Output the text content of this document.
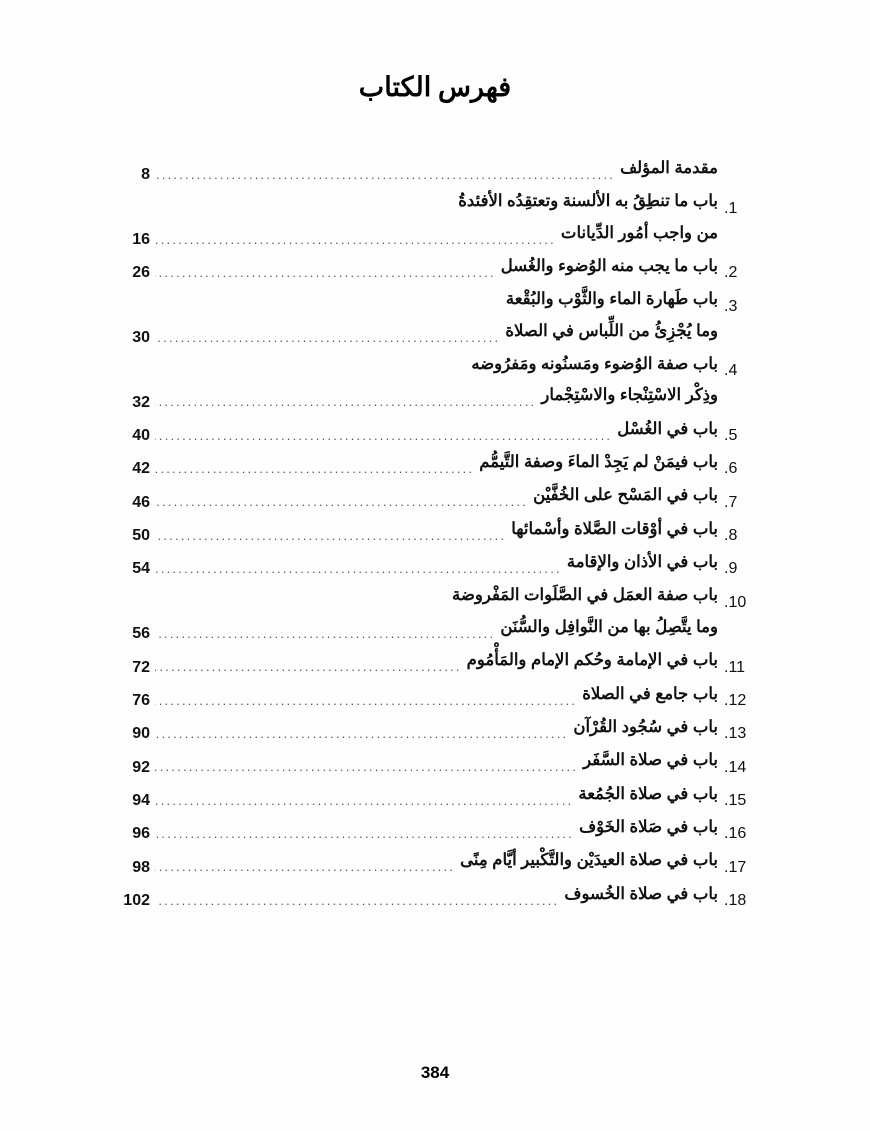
فهرس الكتاب
مقدمة المؤلف
.....
8
1.
باب ما تنطِقُ به الألسنة وتعتقِدُه الأفئدةُ
من واجب أمُور الدِّيانات
.....
16
2.
باب ما يجب منه الوُضوء والغُسل
.....
26
3.
باب طَهارة الماء والثَّوْب والبُقْعة
وما يُجْزِئُ من اللِّباس في الصلاة
.....
30
4.
باب صفة الوُضوء ومَسنُونه ومَفرُوضه
وذِكْر الاسْتِنْجاء والاسْتِجْمار
.....
32
5.
باب في الغُسْل
.....
40
6.
باب فيمَنْ لم يَجِدْ الماءَ وصفة التَّيمُّم
.....
42
7.
باب في المَسْح على الخُفَّيْن
.....
46
8.
باب في أوْقات الصَّلاة وأسْمائها
.....
50
9.
باب في الأذان والإقامة
.....
54
10.
باب صفة العمَل في الصَّلَوات المَفْروضة
وما يتَّصِلُ بها من النَّوافِل والسُّنَن
.....
56
11.
باب في الإمامة وحُكم الإمام والمَأْمُوم
.....
72
12.
باب جامع في الصلاة
.....
76
13.
باب في سُجُود القُرْآن
.....
90
14.
باب في صلاة السَّفَر
.....
92
15.
باب في صلاة الجُمُعة
.....
94
16.
باب في صَلاة الخَوْف
.....
96
17.
باب في صلاة العيدَيْن والتَّكْبير أيَّام مِنًى
.....
98
18.
باب في صلاة الخُسوف
.....
102
384
